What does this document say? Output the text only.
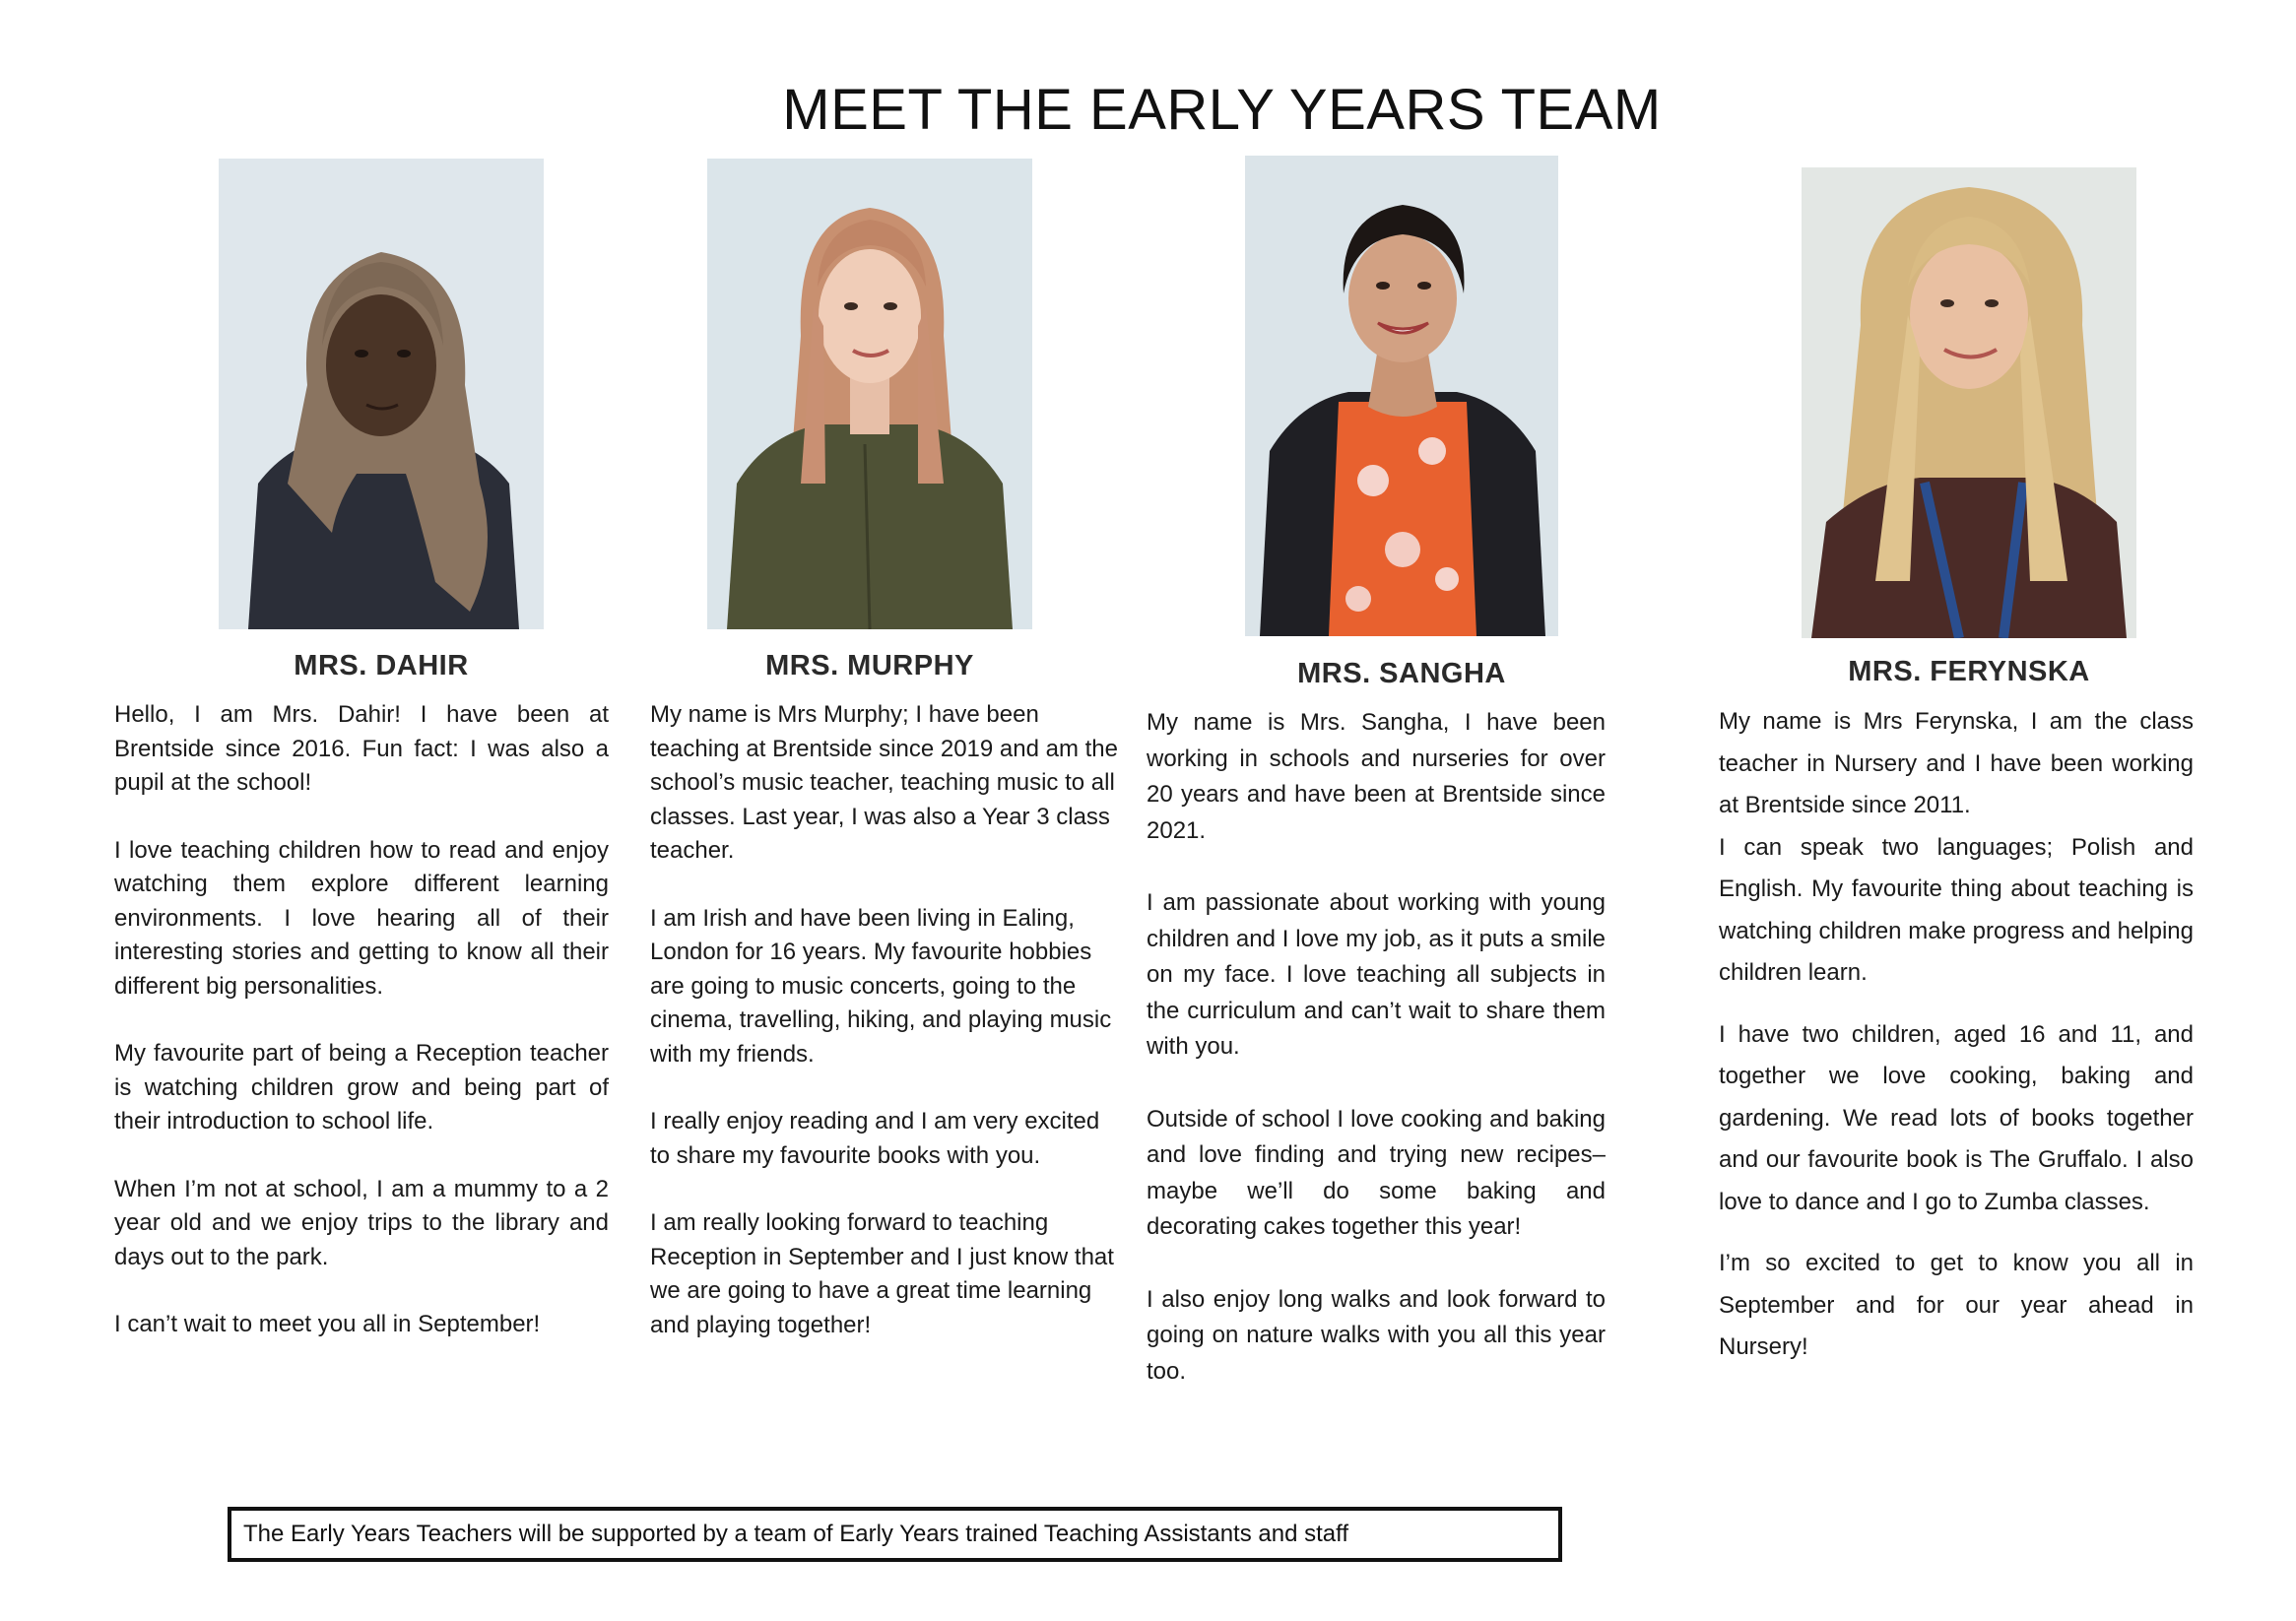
MEET THE EARLY YEARS TEAM
MRS. DAHIR	MRS. MURPHY	MRS. SANGHA	MRS. FERYNSKA

Hello, I am Mrs. Dahir! I have been at Brentside since 2016. Fun fact: I was also a pupil at the school!

I love teaching children how to read and enjoy watching them explore different learning environments. I love hearing all of their interesting stories and getting to know all their different big personalities.

My favourite part of being a Reception teacher is watching children grow and being part of their introduction to school life.

When I’m not at school, I am a mummy to a 2 year old and we enjoy trips to the library and days out to the park.

I can’t wait to meet you all in September!

My name is Mrs Murphy; I have been teaching at Brentside since 2019 and am the school’s music teacher, teaching music to all classes. Last year, I was also a Year 3 class teacher.

I am Irish and have been living in Ealing, London for 16 years. My favourite hobbies are going to music concerts, going to the cinema, travelling, hiking, and playing music with my friends.

I really enjoy reading and I am very excited to share my favourite books with you.

I am really looking forward to teaching Reception in September and I just know that we are going to have a great time learning and playing together!

My name is Mrs. Sangha, I have been working in schools and nurseries for over 20 years and have been at Brentside since 2021.

I am passionate about working with young children and I love my job, as it puts a smile on my face. I love teaching all subjects in the curriculum and can’t wait to share them with you.

Outside of school I love cooking and baking and love finding and trying new recipes– maybe we’ll do some baking and decorating cakes together this year!

I also enjoy long walks and look forward to going on nature walks with you all this year too.

My name is Mrs Ferynska, I am the class teacher in Nursery and I have been working at Brentside since 2011.

I can speak two languages; Polish and English. My favourite thing about teaching is watching children make progress and helping children learn.

I have two children, aged 16 and 11, and together we love cooking, baking and gardening. We read lots of books together and our favourite book is The Gruffalo. I also love to dance and I go to Zumba classes.

I’m so excited to get to know you all in September and for our year ahead in Nursery!

The Early Years Teachers will be supported by a team of Early Years trained Teaching Assistants and staff
